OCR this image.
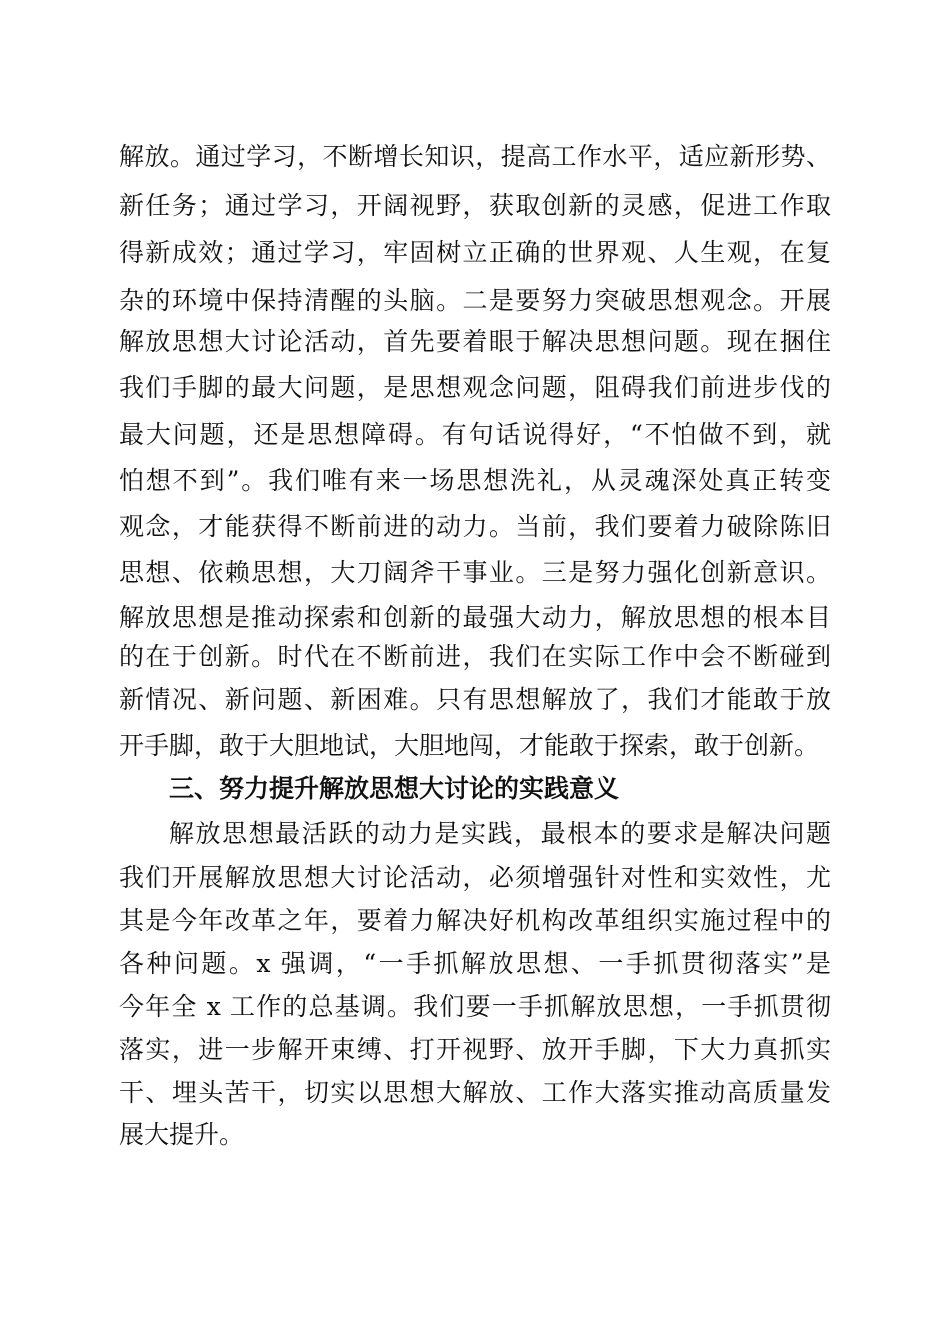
解放。通过学习，不断增长知识，提高工作水平，适应新形势、
新任务；通过学习，开阔视野，获取创新的灵感，促进工作取
得新成效；通过学习，牢固树立正确的世界观、人生观，在复
杂的环境中保持清醒的头脑。二是要努力突破思想观念。开展
解放思想大讨论活动，首先要着眼于解决思想问题。现在捆住
我们手脚的最大问题，是思想观念问题，阻碍我们前进步伐的
最大问题，还是思想障碍。有句话说得好，“不怕做不到，就
怕想不到”。我们唯有来一场思想洗礼，从灵魂深处真正转变
观念，才能获得不断前进的动力。当前，我们要着力破除陈旧
思想、依赖思想，大刀阔斧干事业。三是努力强化创新意识。
解放思想是推动探索和创新的最强大动力，解放思想的根本目
的在于创新。时代在不断前进，我们在实际工作中会不断碰到
新情况、新问题、新困难。只有思想解放了，我们才能敢于放
开手脚，敢于大胆地试，大胆地闯，才能敢于探索，敢于创新。
三、努力提升解放思想大讨论的实践意义
解放思想最活跃的动力是实践，最根本的要求是解决问题
我们开展解放思想大讨论活动，必须增强针对性和实效性，尤
其是今年改革之年，要着力解决好机构改革组织实施过程中的
各种问题。x 强调，“一手抓解放思想、一手抓贯彻落实”是
今年全 x 工作的总基调。我们要一手抓解放思想，一手抓贯彻
落实，进一步解开束缚、打开视野、放开手脚，下大力真抓实
干、埋头苦干，切实以思想大解放、工作大落实推动高质量发
展大提升。
